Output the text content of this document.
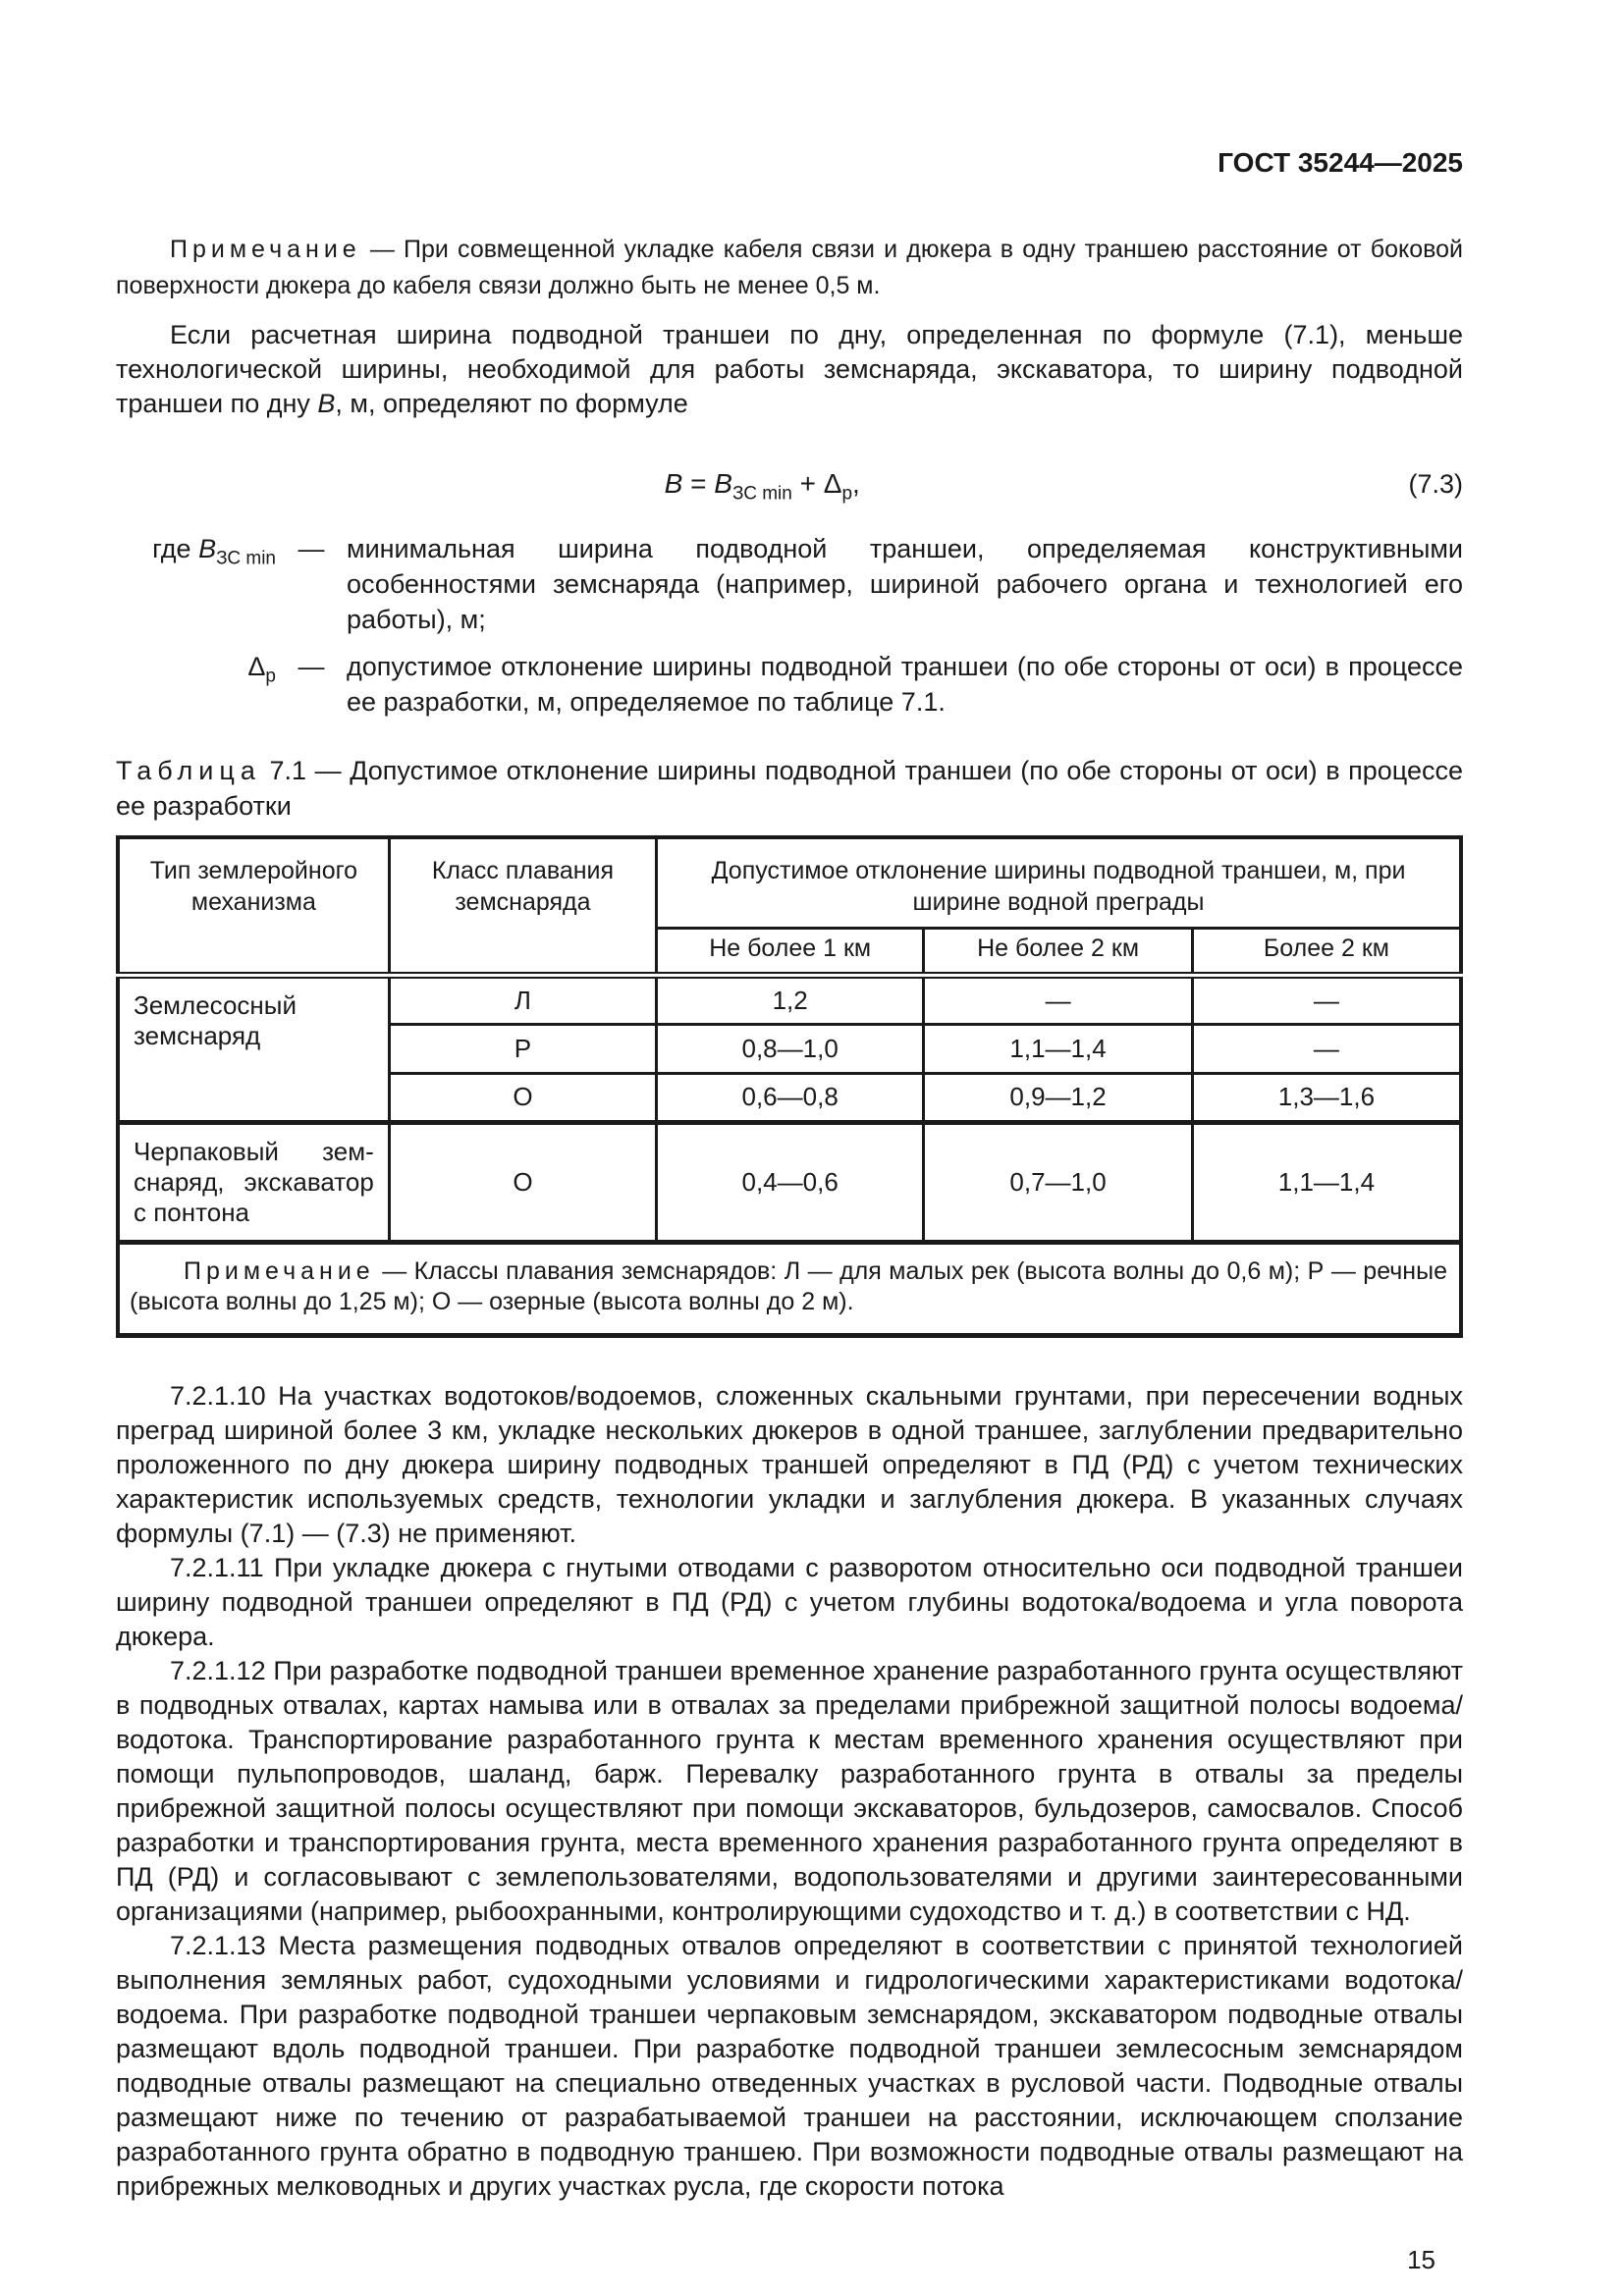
ГОСТ 35244—2025

Примечание — При совмещенной укладке кабеля связи и дюкера в одну траншею расстояние от боковой поверхности дюкера до кабеля связи должно быть не менее 0,5 м.

Если расчетная ширина подводной траншеи по дну, определенная по формуле (7.1), меньше технологической ширины, необходимой для работы земснаряда, экскаватора, то ширину подводной траншеи по дну В, м, определяют по формуле

$В = В_{ЗС min} + \Delta_р$,	(7.3)
где $В_{ЗС min}$ — минимальная ширина подводной траншеи, определяемая конструктивными особенностями земснаряда (например, шириной рабочего органа и технологией его работы), м;
$\Delta_р$ — допустимое отклонение ширины подводной траншеи (по обе стороны от оси) в процессе ее разработки, м, определяемое по таблице 7.1.

Таблица 7.1 — Допустимое отклонение ширины подводной траншеи (по обе стороны от оси) в процессе ее разработки

Тип землеройного механизма	Класс плавания земснаряда	Допустимое отклонение ширины подводной траншеи, м, при ширине водной преграды		
		Не более 1 км	Не более 2 км	Более 2 км
Землесосный земснаряд	Л	1,2	—	—
	Р	0,8—1,0	1,1—1,4	—
	О	0,6—0,8	0,9—1,2	1,3—1,6
Черпаковый земснаряд, экскаватор с понтона	О	0,4—0,6	0,7—1,0	1,1—1,4
Примечание — Классы плавания земснарядов: Л — для малых рек (высота волны до 0,6 м); Р — речные (высота волны до 1,25 м); О — озерные (высота волны до 2 м).				

7.2.1.10 На участках водотоков/водоемов, сложенных скальными грунтами, при пересечении водных преград шириной более 3 км, укладке нескольких дюкеров в одной траншее, заглублении предварительно проложенного по дну дюкера ширину подводных траншей определяют в ПД (РД) с учетом технических характеристик используемых средств, технологии укладки и заглубления дюкера. В указанных случаях формулы (7.1) — (7.3) не применяют.

7.2.1.11 При укладке дюкера с гнутыми отводами с разворотом относительно оси подводной траншеи ширину подводной траншеи определяют в ПД (РД) с учетом глубины водотока/водоема и угла поворота дюкера.

7.2.1.12 При разработке подводной траншеи временное хранение разработанного грунта осуществляют в подводных отвалах, картах намыва или в отвалах за пределами прибрежной защитной полосы водоема/водотока. Транспортирование разработанного грунта к местам временного хранения осуществляют при помощи пульпопроводов, шаланд, барж. Перевалку разработанного грунта в отвалы за пределы прибрежной защитной полосы осуществляют при помощи экскаваторов, бульдозеров, самосвалов. Способ разработки и транспортирования грунта, места временного хранения разработанного грунта определяют в ПД (РД) и согласовывают с землепользователями, водопользователями и другими заинтересованными организациями (например, рыбоохранными, контролирующими судоходство и т. д.) в соответствии с НД.

7.2.1.13 Места размещения подводных отвалов определяют в соответствии с принятой технологией выполнения земляных работ, судоходными условиями и гидрологическими характеристиками водотока/водоема. При разработке подводной траншеи черпаковым земснарядом, экскаватором подводные отвалы размещают вдоль подводной траншеи. При разработке подводной траншеи землесосным земснарядом подводные отвалы размещают на специально отведенных участках в русловой части. Подводные отвалы размещают ниже по течению от разрабатываемой траншеи на расстоянии, исключающем сползание разработанного грунта обратно в подводную траншею. При возможности подводные отвалы размещают на прибрежных мелководных и других участках русла, где скорости потока

15
